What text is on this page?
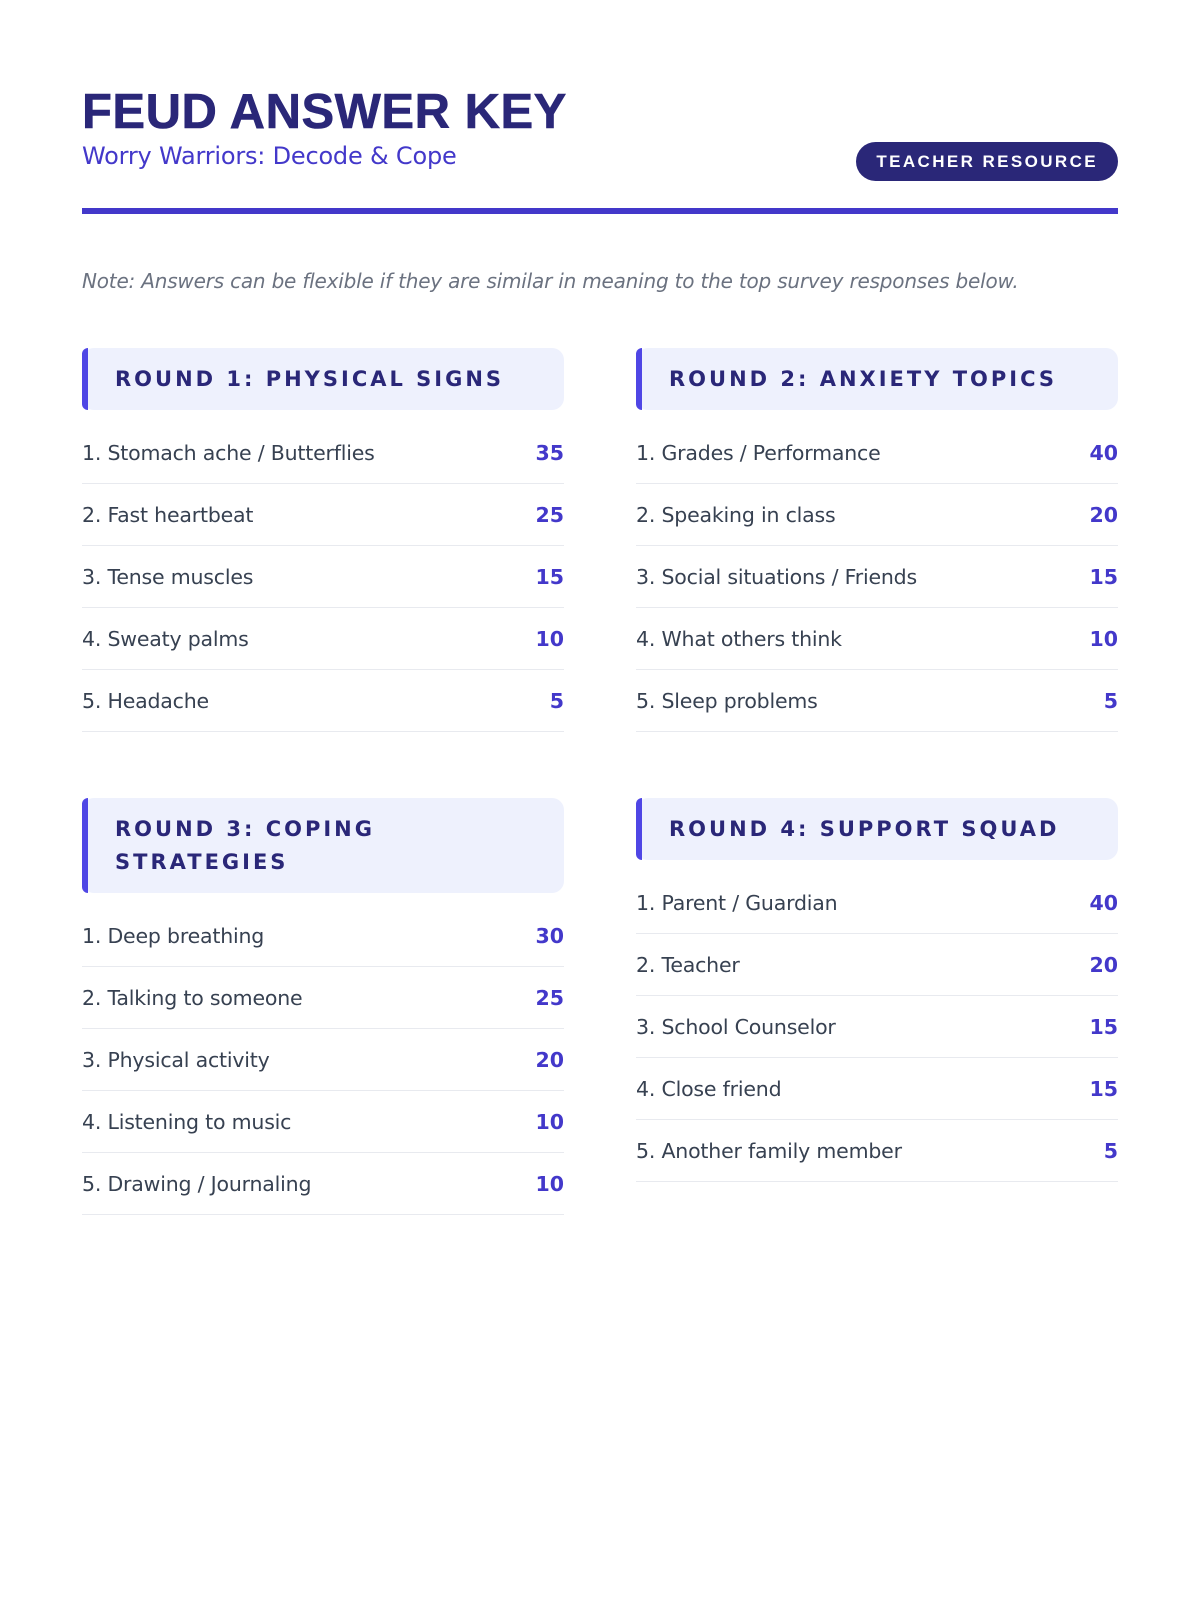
FEUD ANSWER KEY
Worry Warriors: Decode & Cope	TEACHER RESOURCE
Note: Answers can be flexible if they are similar in meaning to the top survey responses below.
ROUND 1: PHYSICAL SIGNS
1. Stomach ache / Butterflies	35
2. Fast heartbeat	25
3. Tense muscles	15
4. Sweaty palms	10
5. Headache	5
ROUND 2: ANXIETY TOPICS
1. Grades / Performance	40
2. Speaking in class	20
3. Social situations / Friends	15
4. What others think	10
5. Sleep problems	5
ROUND 3: COPING STRATEGIES
1. Deep breathing	30
2. Talking to someone	25
3. Physical activity	20
4. Listening to music	10
5. Drawing / Journaling	10
ROUND 4: SUPPORT SQUAD
1. Parent / Guardian	40
2. Teacher	20
3. School Counselor	15
4. Close friend	15
5. Another family member	5
